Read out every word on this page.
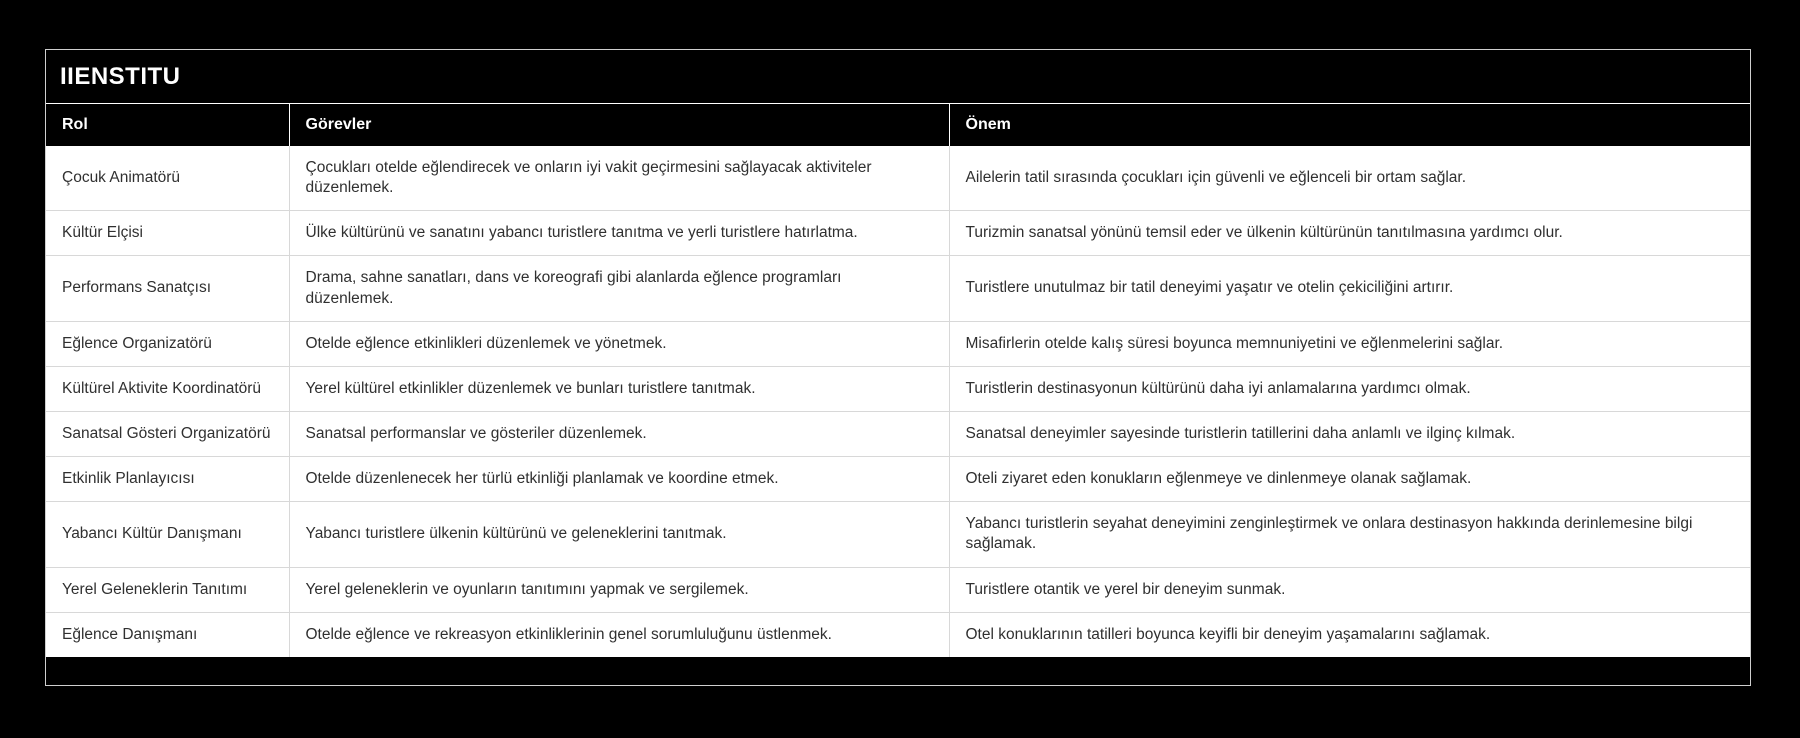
IIENSTITU
Rol	Görevler	Önem
Çocuk Animatörü	Çocukları otelde eğlendirecek ve onların iyi vakit geçirmesini sağlayacak aktiviteler düzenlemek.	Ailelerin tatil sırasında çocukları için güvenli ve eğlenceli bir ortam sağlar.
Kültür Elçisi	Ülke kültürünü ve sanatını yabancı turistlere tanıtma ve yerli turistlere hatırlatma.	Turizmin sanatsal yönünü temsil eder ve ülkenin kültürünün tanıtılmasına yardımcı olur.
Performans Sanatçısı	Drama, sahne sanatları, dans ve koreografi gibi alanlarda eğlence programları düzenlemek.	Turistlere unutulmaz bir tatil deneyimi yaşatır ve otelin çekiciliğini artırır.
Eğlence Organizatörü	Otelde eğlence etkinlikleri düzenlemek ve yönetmek.	Misafirlerin otelde kalış süresi boyunca memnuniyetini ve eğlenmelerini sağlar.
Kültürel Aktivite Koordinatörü	Yerel kültürel etkinlikler düzenlemek ve bunları turistlere tanıtmak.	Turistlerin destinasyonun kültürünü daha iyi anlamalarına yardımcı olmak.
Sanatsal Gösteri Organizatörü	Sanatsal performanslar ve gösteriler düzenlemek.	Sanatsal deneyimler sayesinde turistlerin tatillerini daha anlamlı ve ilginç kılmak.
Etkinlik Planlayıcısı	Otelde düzenlenecek her türlü etkinliği planlamak ve koordine etmek.	Oteli ziyaret eden konukların eğlenmeye ve dinlenmeye olanak sağlamak.
Yabancı Kültür Danışmanı	Yabancı turistlere ülkenin kültürünü ve geleneklerini tanıtmak.	Yabancı turistlerin seyahat deneyimini zenginleştirmek ve onlara destinasyon hakkında derinlemesine bilgi sağlamak.
Yerel Geleneklerin Tanıtımı	Yerel geleneklerin ve oyunların tanıtımını yapmak ve sergilemek.	Turistlere otantik ve yerel bir deneyim sunmak.
Eğlence Danışmanı	Otelde eğlence ve rekreasyon etkinliklerinin genel sorumluluğunu üstlenmek.	Otel konuklarının tatilleri boyunca keyifli bir deneyim yaşamalarını sağlamak.
